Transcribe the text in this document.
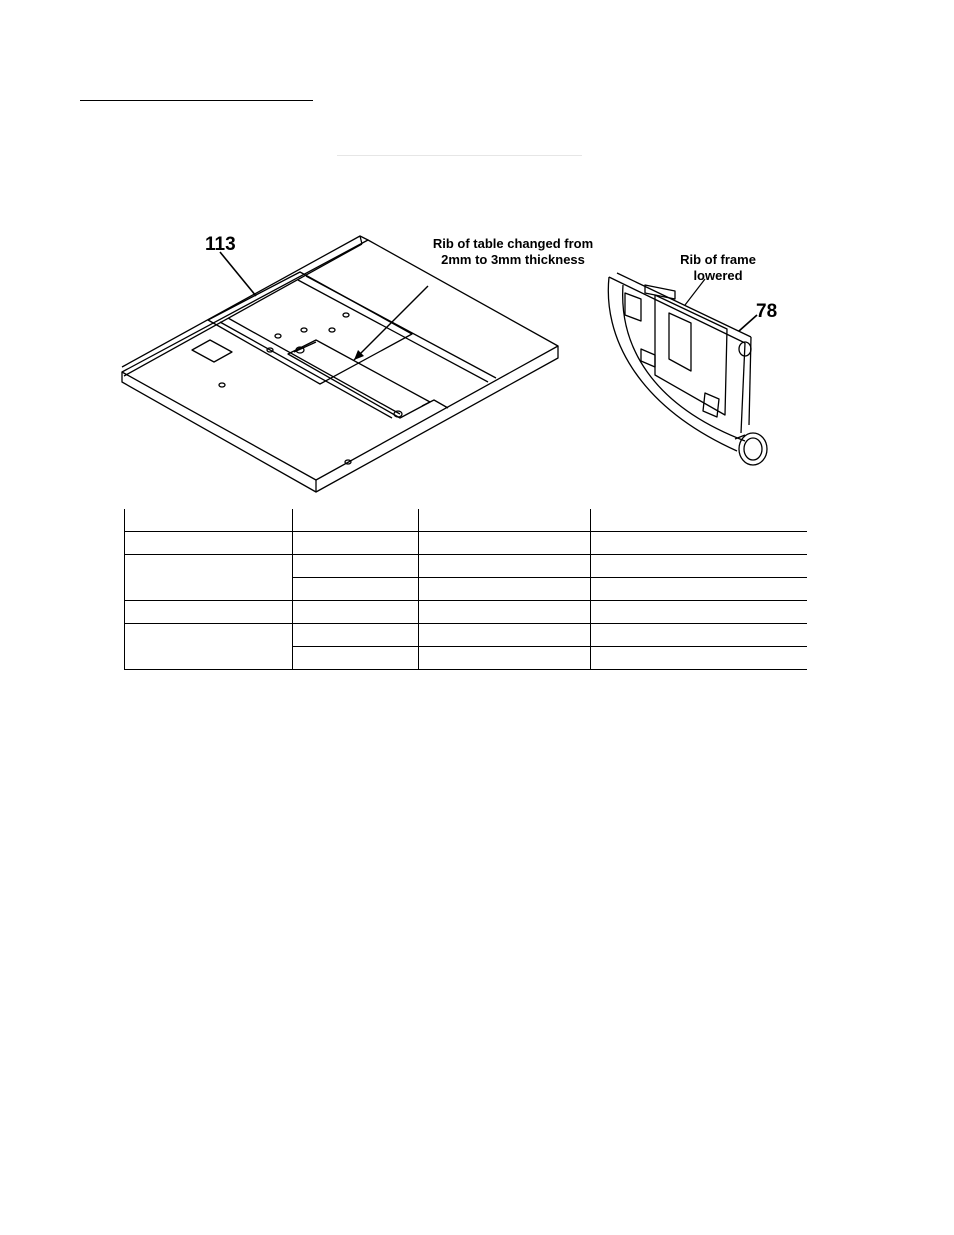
113	Rib of table changed from
2mm to 3mm thickness	Rib of frame
lowered
78
